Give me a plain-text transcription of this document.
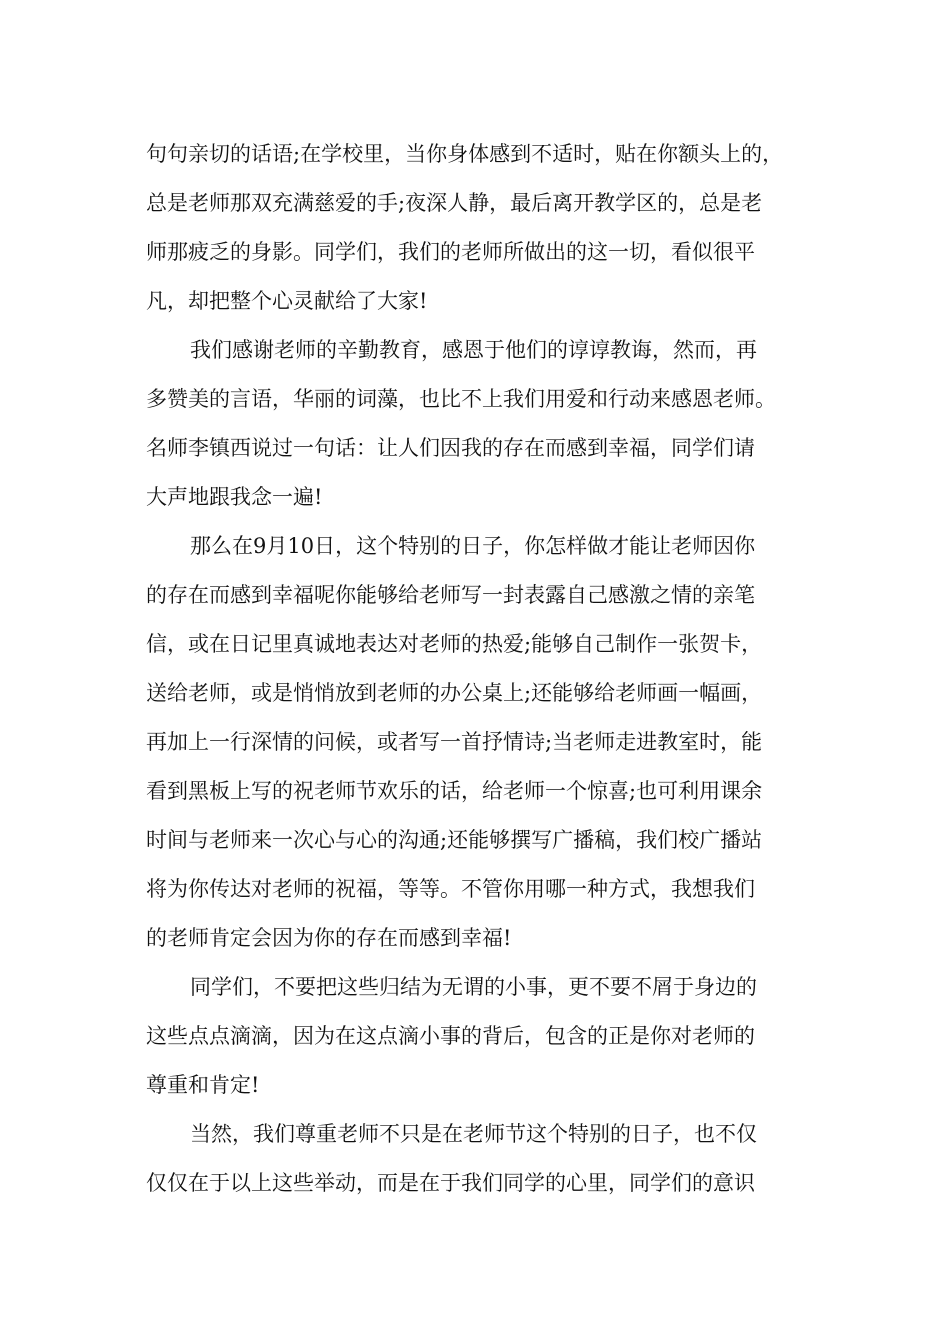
句句亲切的话语;在学校里，当你身体感到不适时，贴在你额头上的，
总是老师那双充满慈爱的手;夜深人静，最后离开教学区的，总是老
师那疲乏的身影。同学们，我们的老师所做出的这一切，看似很平
凡，却把整个心灵献给了大家!
我们感谢老师的辛勤教育，感恩于他们的谆谆教诲，然而，再
多赞美的言语，华丽的词藻，也比不上我们用爱和行动来感恩老师。
名师李镇西说过一句话：让人们因我的存在而感到幸福，同学们请
大声地跟我念一遍!
那么在9月10日，这个特别的日子，你怎样做才能让老师因你
的存在而感到幸福呢你能够给老师写一封表露自己感激之情的亲笔
信，或在日记里真诚地表达对老师的热爱;能够自己制作一张贺卡，
送给老师，或是悄悄放到老师的办公桌上;还能够给老师画一幅画，
再加上一行深情的问候，或者写一首抒情诗;当老师走进教室时，能
看到黑板上写的祝老师节欢乐的话，给老师一个惊喜;也可利用课余
时间与老师来一次心与心的沟通;还能够撰写广播稿，我们校广播站
将为你传达对老师的祝福，等等。不管你用哪一种方式，我想我们
的老师肯定会因为你的存在而感到幸福!
同学们，不要把这些归结为无谓的小事，更不要不屑于身边的
这些点点滴滴，因为在这点滴小事的背后，包含的正是你对老师的
尊重和肯定!
当然，我们尊重老师不只是在老师节这个特别的日子，也不仅
仅仅在于以上这些举动，而是在于我们同学的心里，同学们的意识
